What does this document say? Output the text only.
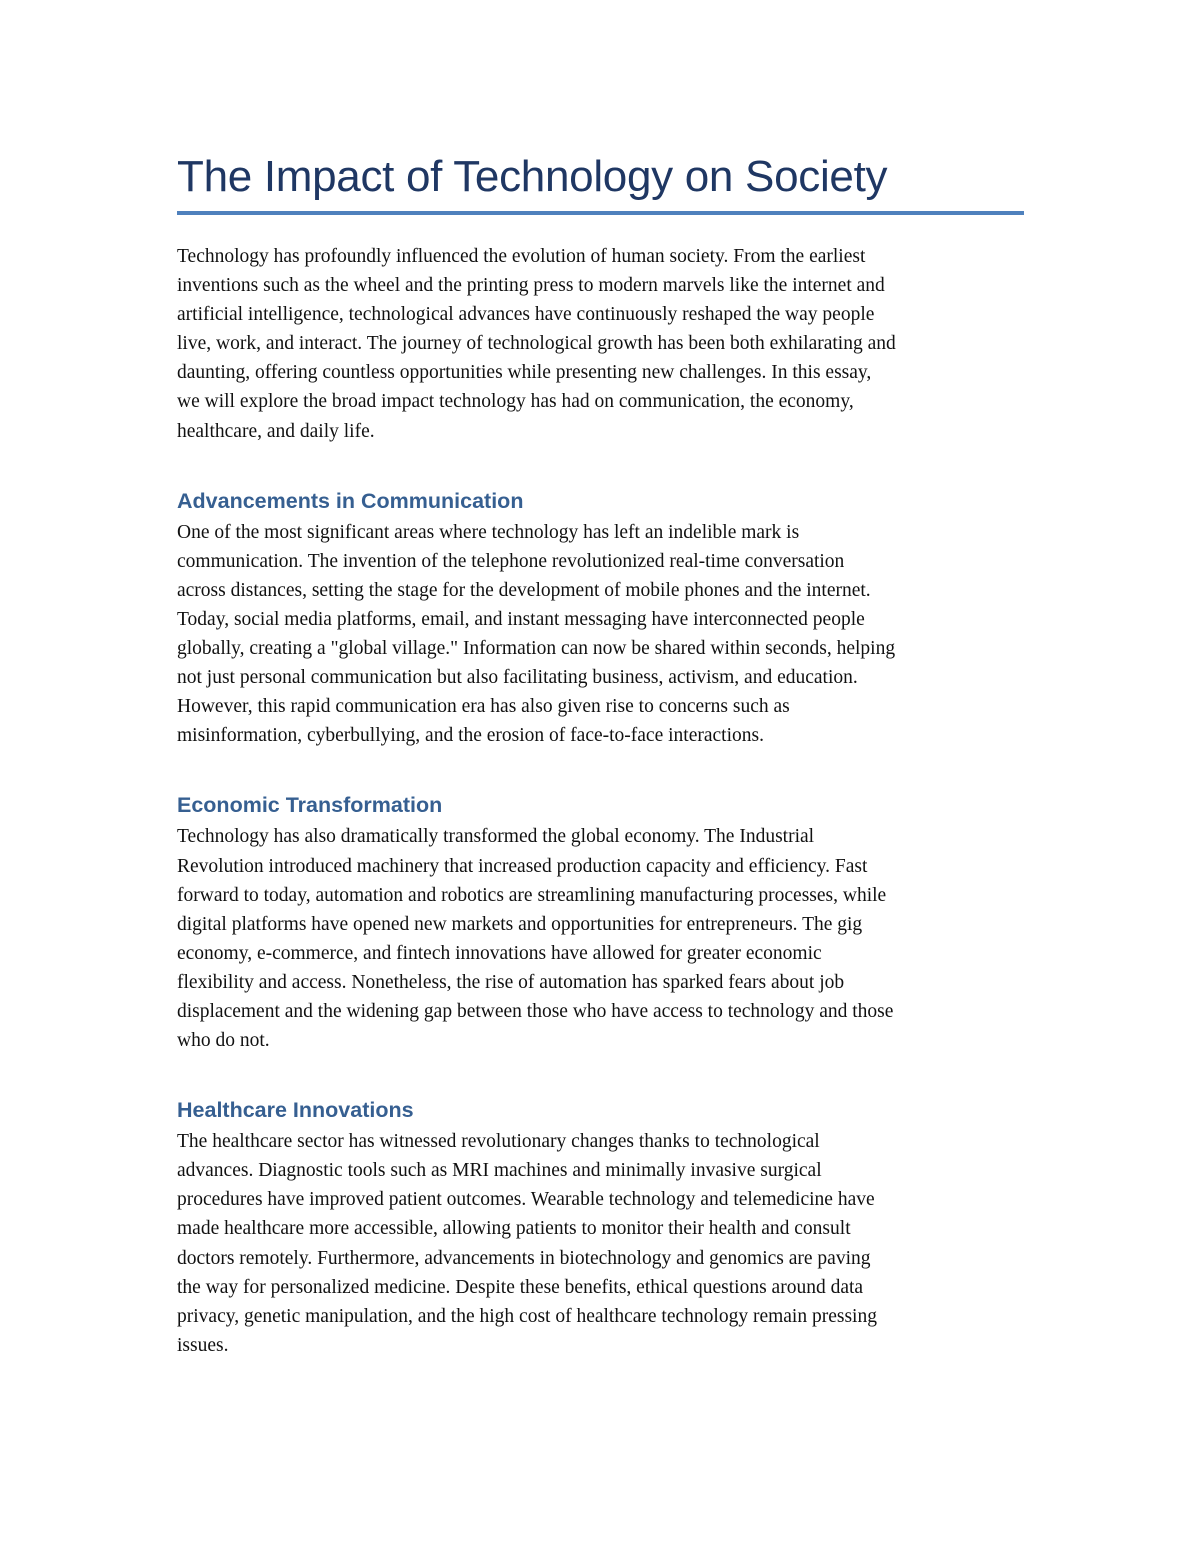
The Impact of Technology on Society

Technology has profoundly influenced the evolution of human society. From the earliest
inventions such as the wheel and the printing press to modern marvels like the internet and
artificial intelligence, technological advances have continuously reshaped the way people
live, work, and interact. The journey of technological growth has been both exhilarating and
daunting, offering countless opportunities while presenting new challenges. In this essay,
we will explore the broad impact technology has had on communication, the economy,
healthcare, and daily life.

Advancements in Communication

One of the most significant areas where technology has left an indelible mark is
communication. The invention of the telephone revolutionized real-time conversation
across distances, setting the stage for the development of mobile phones and the internet.
Today, social media platforms, email, and instant messaging have interconnected people
globally, creating a "global village." Information can now be shared within seconds, helping
not just personal communication but also facilitating business, activism, and education.
However, this rapid communication era has also given rise to concerns such as
misinformation, cyberbullying, and the erosion of face-to-face interactions.

Economic Transformation

Technology has also dramatically transformed the global economy. The Industrial
Revolution introduced machinery that increased production capacity and efficiency. Fast
forward to today, automation and robotics are streamlining manufacturing processes, while
digital platforms have opened new markets and opportunities for entrepreneurs. The gig
economy, e-commerce, and fintech innovations have allowed for greater economic
flexibility and access. Nonetheless, the rise of automation has sparked fears about job
displacement and the widening gap between those who have access to technology and those
who do not.

Healthcare Innovations

The healthcare sector has witnessed revolutionary changes thanks to technological
advances. Diagnostic tools such as MRI machines and minimally invasive surgical
procedures have improved patient outcomes. Wearable technology and telemedicine have
made healthcare more accessible, allowing patients to monitor their health and consult
doctors remotely. Furthermore, advancements in biotechnology and genomics are paving
the way for personalized medicine. Despite these benefits, ethical questions around data
privacy, genetic manipulation, and the high cost of healthcare technology remain pressing
issues.
